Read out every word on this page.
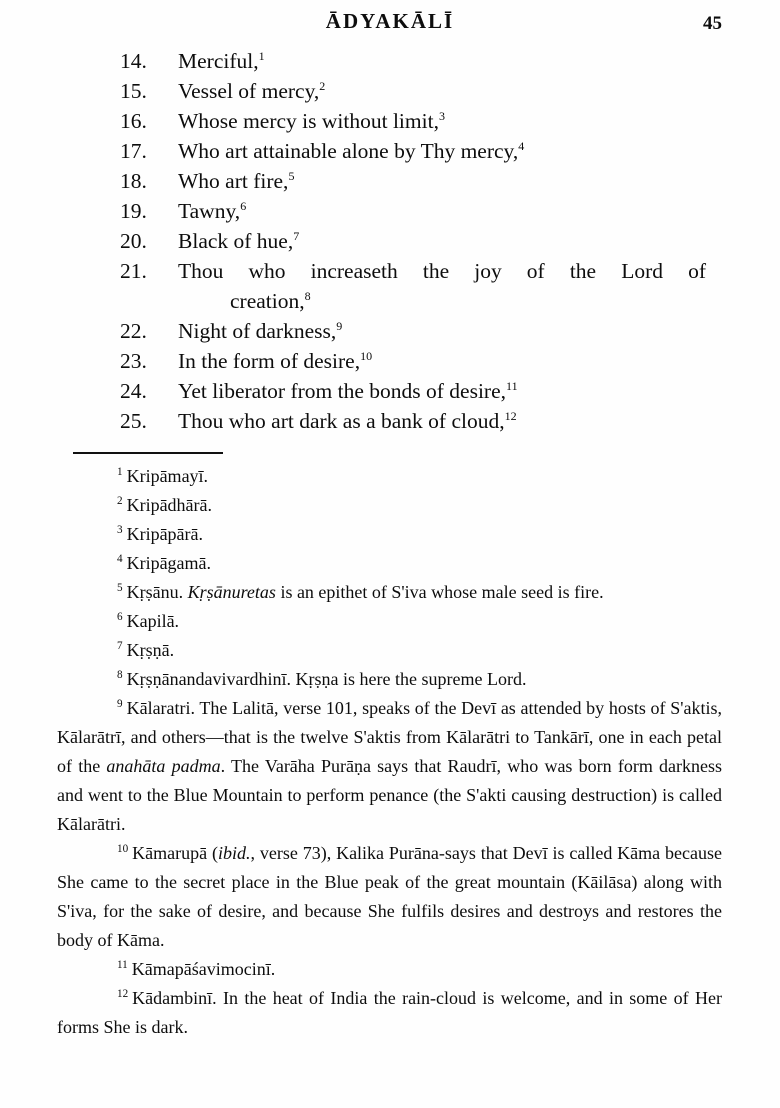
ĀDYAKĀLĪ	45
14.	Merciful,$^1$
15.	Vessel of mercy,$^2$
16.	Whose mercy is without limit,$^3$
17.	Who art attainable alone by Thy mercy,$^4$
18.	Who art fire,$^5$
19.	Tawny,$^6$
20.	Black of hue,$^7$
21.	Thou who increaseth the joy of the Lord of
creation,$^8$
22.	Night of darkness,$^9$
23.	In the form of desire,$^{10}$
24.	Yet liberator from the bonds of desire,$^{11}$
25.	Thou who art dark as a bank of cloud,$^{12}$

$^1$ Kripāmayī.

$^2$ Kripādhārā.

$^3$ Kripāpārā.

$^4$ Kripāgamā.

$^5$ Kṛṣānu. Kṛṣānuretas is an epithet of S'iva whose male seed is fire.

$^6$ Kapilā.

$^7$ Kṛṣṇā.

$^8$ Kṛṣṇānandavivardhinī. Kṛṣṇa is here the supreme Lord.

$^9$ Kālaratri. The Lalitā, verse 101, speaks of the Devī as attended by hosts of S'aktis, Kālarātrī, and others—that is the twelve S'aktis from Kālarātri to Tankārī, one in each petal of the anahāta padma. The Varāha Purāṇa says that Raudrī, who was born form darkness and went to the Blue Mountain to perform penance (the S'akti causing destruction) is called Kālarātri.

$^{10}$ Kāmarupā (ibid., verse 73), Kalika Purāna-says that Devī is called Kāma because She came to the secret place in the Blue peak of the great mountain (Kāilāsa) along with S'iva, for the sake of desire, and because She fulfils desires and destroys and restores the body of Kāma.

$^{11}$ Kāmapāśavimocinī.

$^{12}$ Kādambinī. In the heat of India the rain-cloud is welcome, and in some of Her forms She is dark.
